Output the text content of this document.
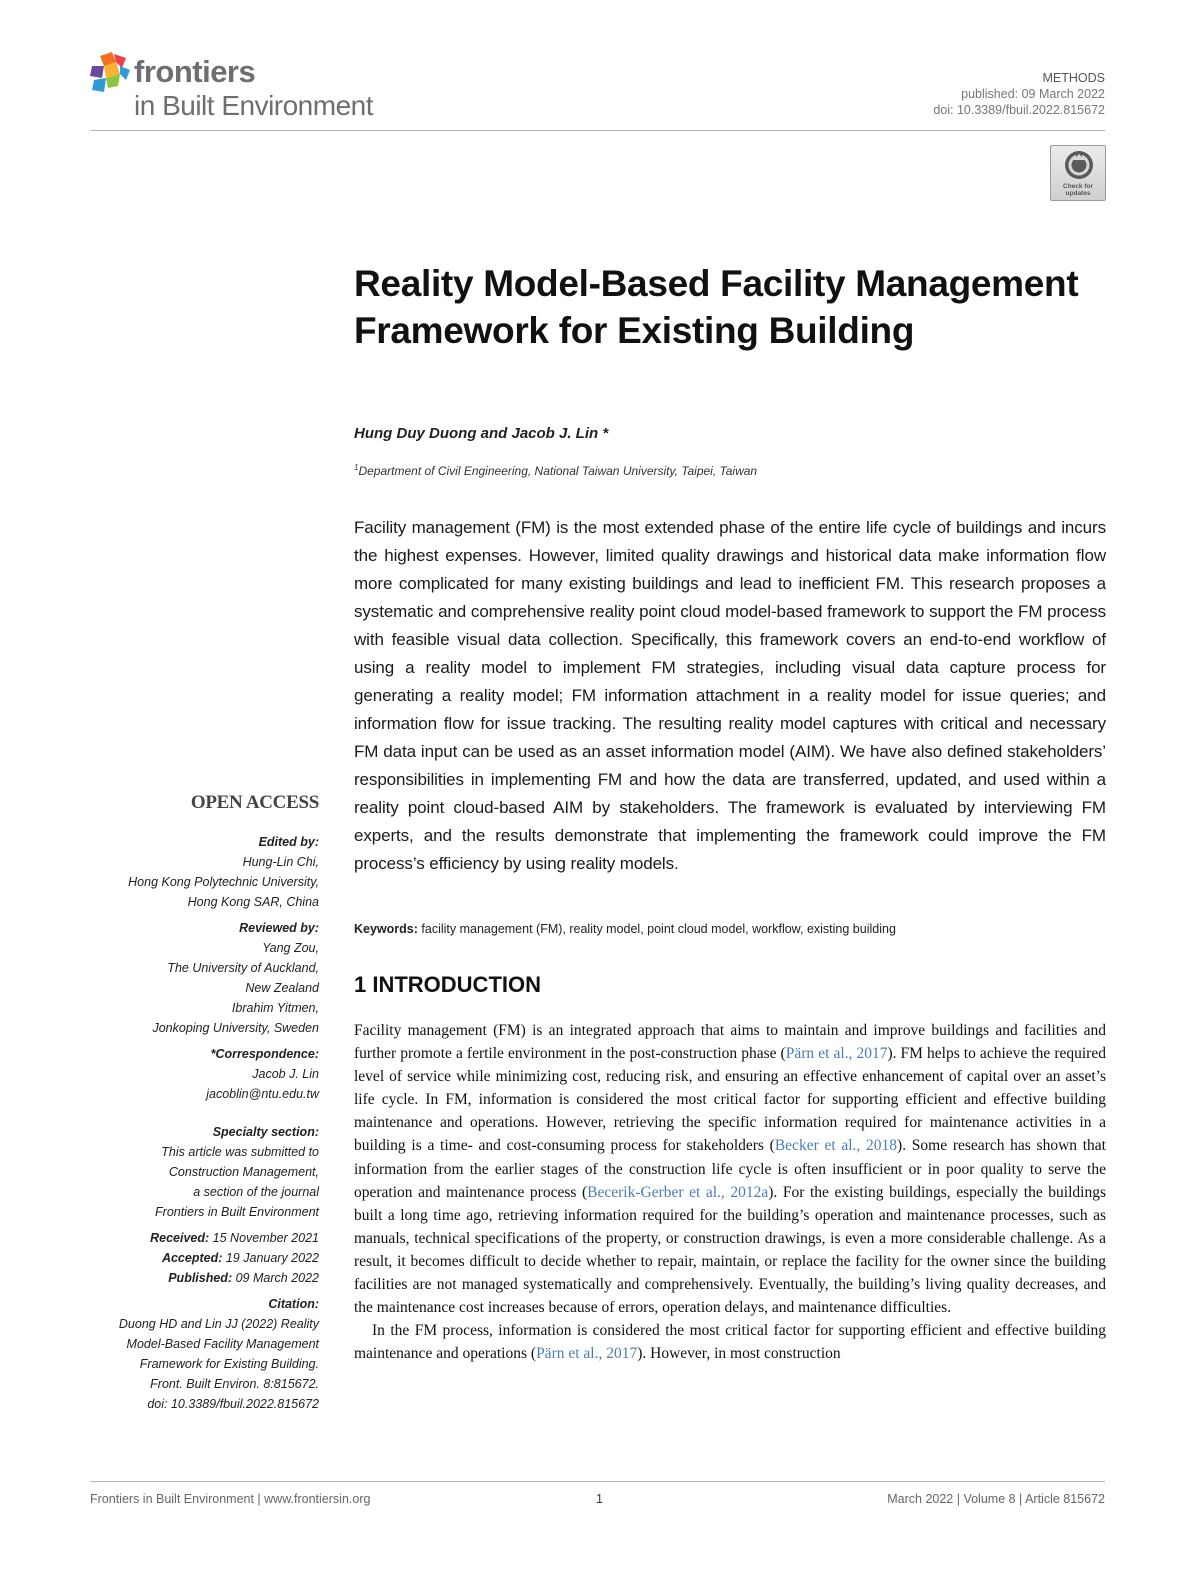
frontiers
in Built Environment
METHODS
published: 09 March 2022
doi: 10.3389/fbuil.2022.815672
Check for updates
Reality Model-Based Facility Management Framework for Existing Building
Hung Duy Duong and Jacob J. Lin *
$^1$Department of Civil Engineering, National Taiwan University, Taipei, Taiwan

Facility management (FM) is the most extended phase of the entire life cycle of buildings and incurs the highest expenses. However, limited quality drawings and historical data make information flow more complicated for many existing buildings and lead to inefficient FM. This research proposes a systematic and comprehensive reality point cloud model-based framework to support the FM process with feasible visual data collection. Specifically, this framework covers an end-to-end workflow of using a reality model to implement FM strategies, including visual data capture process for generating a reality model; FM information attachment in a reality model for issue queries; and information flow for issue tracking. The resulting reality model captures with critical and necessary FM data input can be used as an asset information model (AIM). We have also defined stakeholders’ responsibilities in implementing FM and how the data are transferred, updated, and used within a reality point cloud-based AIM by stakeholders. The framework is evaluated by interviewing FM experts, and the results demonstrate that implementing the framework could improve the FM process’s efficiency by using reality models.

Keywords: facility management (FM), reality model, point cloud model, workflow, existing building
1 INTRODUCTION

Facility management (FM) is an integrated approach that aims to maintain and improve buildings and facilities and further promote a fertile environment in the post-construction phase (Pärn et al., 2017). FM helps to achieve the required level of service while minimizing cost, reducing risk, and ensuring an effective enhancement of capital over an asset’s life cycle. In FM, information is considered the most critical factor for supporting efficient and effective building maintenance and operations. However, retrieving the specific information required for maintenance activities in a building is a time- and cost-consuming process for stakeholders (Becker et al., 2018). Some research has shown that information from the earlier stages of the construction life cycle is often insufficient or in poor quality to serve the operation and maintenance process (Becerik-Gerber et al., 2012a). For the existing buildings, especially the buildings built a long time ago, retrieving information required for the building’s operation and maintenance processes, such as manuals, technical specifications of the property, or construction drawings, is even a more considerable challenge. As a result, it becomes difficult to decide whether to repair, maintain, or replace the facility for the owner since the building facilities are not managed systematically and comprehensively. Eventually, the building’s living quality decreases, and the maintenance cost increases because of errors, operation delays, and maintenance difficulties.

In the FM process, information is considered the most critical factor for supporting efficient and effective building maintenance and operations (Pärn et al., 2017). However, in most construction

OPEN ACCESS
Edited by:
Hung-Lin Chi,
Hong Kong Polytechnic University,
Hong Kong SAR, China
Reviewed by:
Yang Zou,
The University of Auckland,
New Zealand
Ibrahim Yitmen,
Jonkoping University, Sweden
*Correspondence:
Jacob J. Lin
jacoblin@ntu.edu.tw
Specialty section:
This article was submitted to
Construction Management,
a section of the journal
Frontiers in Built Environment
Received: 15 November 2021
Accepted: 19 January 2022
Published: 09 March 2022
Citation:
Duong HD and Lin JJ (2022) Reality
Model-Based Facility Management
Framework for Existing Building.
Front. Built Environ. 8:815672.
doi: 10.3389/fbuil.2022.815672
Frontiers in Built Environment | www.frontiersin.org	1	March 2022 | Volume 8 | Article 815672
